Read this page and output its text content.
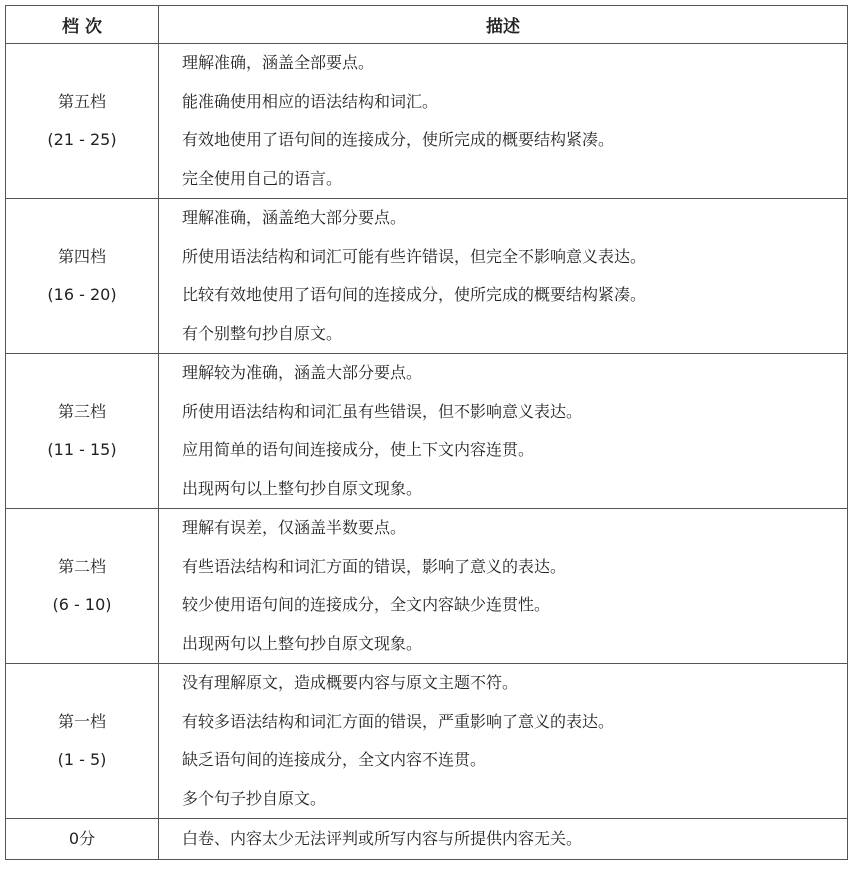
档 次	描述

第五档
(21 - 25)	理解准确，涵盖全部要点。
能准确使用相应的语法结构和词汇。
有效地使用了语句间的连接成分，使所完成的概要结构紧凑。
完全使用自己的语言。

第四档
(16 - 20)	理解准确，涵盖绝大部分要点。
所使用语法结构和词汇可能有些许错误，但完全不影响意义表达。
比较有效地使用了语句间的连接成分，使所完成的概要结构紧凑。
有个别整句抄自原文。

第三档
(11 - 15)	理解较为准确，涵盖大部分要点。
所使用语法结构和词汇虽有些错误，但不影响意义表达。
应用简单的语句间连接成分，使上下文内容连贯。
出现两句以上整句抄自原文现象。

第二档
(6 - 10)	理解有误差，仅涵盖半数要点。
有些语法结构和词汇方面的错误，影响了意义的表达。
较少使用语句间的连接成分，全文内容缺少连贯性。
出现两句以上整句抄自原文现象。

第一档
(1 - 5)	没有理解原文，造成概要内容与原文主题不符。
有较多语法结构和词汇方面的错误，严重影响了意义的表达。
缺乏语句间的连接成分，全文内容不连贯。
多个句子抄自原文。

0分	白卷、内容太少无法评判或所写内容与所提供内容无关。
